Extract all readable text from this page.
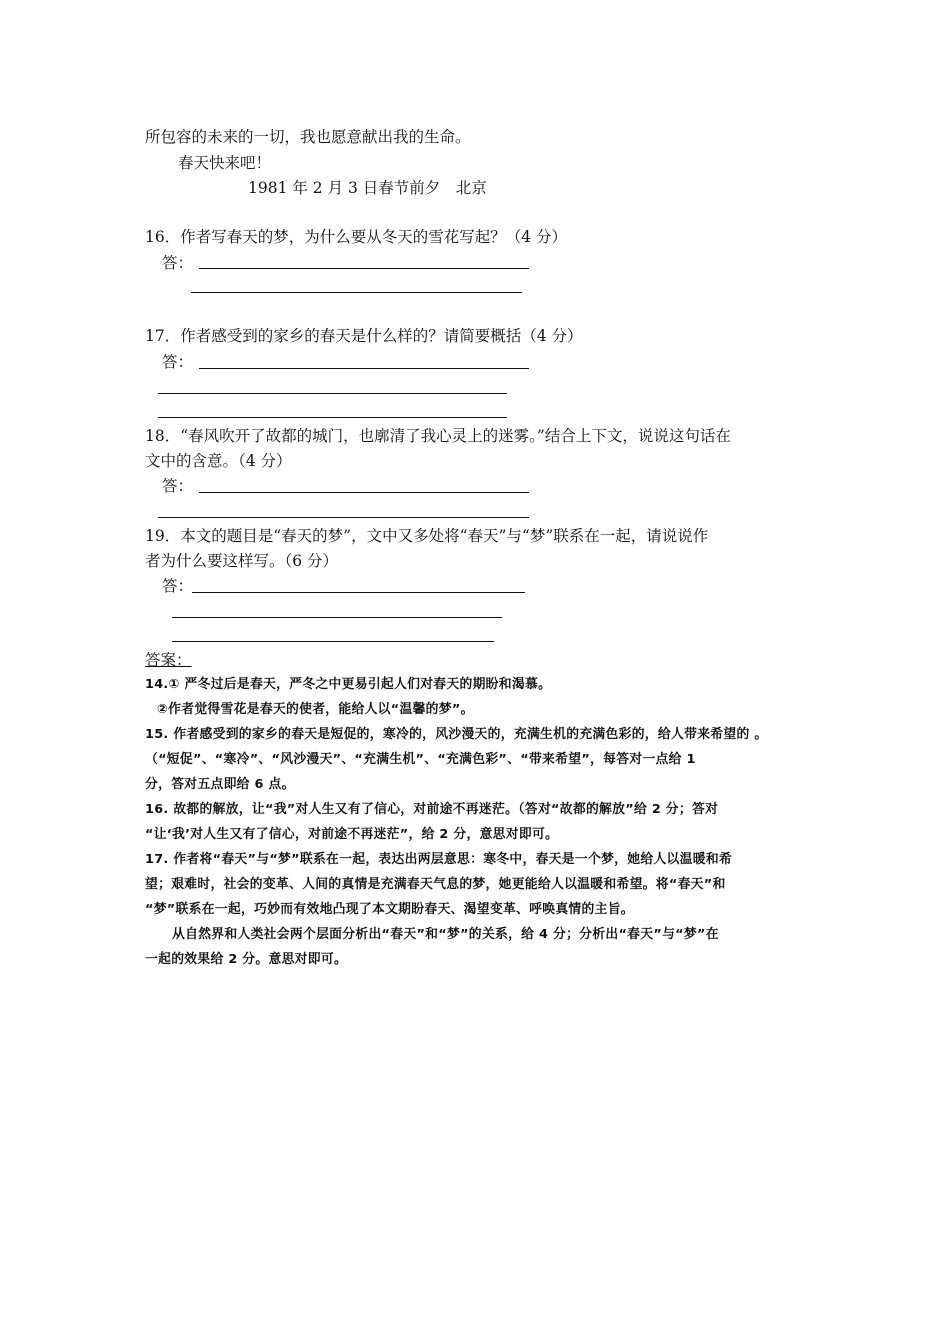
所包容的未来的一切，我也愿意献出我的生命。
春天快来吧！
1981 年 2 月 3 日春节前夕　北京
16．作者写春天的梦，为什么要从冬天的雪花写起？（4 分）
答：
17．作者感受到的家乡的春天是什么样的？请简要概括（4 分）
答：
18．“春风吹开了故都的城门，也廓清了我心灵上的迷雾。”结合上下文，说说这句话在
文中的含意。（4 分）
答：
19．本文的题目是“春天的梦”，文中又多处将“春天”与“梦”联系在一起，请说说作
者为什么要这样写。（6 分）
答：
答案：
14.① 严冬过后是春天，严冬之中更易引起人们对春天的期盼和渴慕。
②作者觉得雪花是春天的使者，能给人以“温馨的梦”。
15. 作者感受到的家乡的春天是短促的，寒冷的，风沙漫天的，充满生机的充满色彩的，给人带来希望的 。
（“短促”、“寒冷”、“风沙漫天”、“充满生机”、“充满色彩”、“带来希望”，每答对一点给 1
分，答对五点即给 6 点。
16. 故都的解放，让“我”对人生又有了信心，对前途不再迷茫。（答对“故都的解放”给 2 分；答对
“让‘我’对人生又有了信心，对前途不再迷茫”，给 2 分，意思对即可。
17. 作者将“春天”与“梦”联系在一起，表达出两层意思：寒冬中，春天是一个梦，她给人以温暖和希
望；艰难时，社会的变革、人间的真情是充满春天气息的梦，她更能给人以温暖和希望。将“春天”和
“梦”联系在一起，巧妙而有效地凸现了本文期盼春天、渴望变革、呼唤真情的主旨。
从自然界和人类社会两个层面分析出“春天”和“梦”的关系，给 4 分；分析出“春天”与“梦”在
一起的效果给 2 分。意思对即可。
